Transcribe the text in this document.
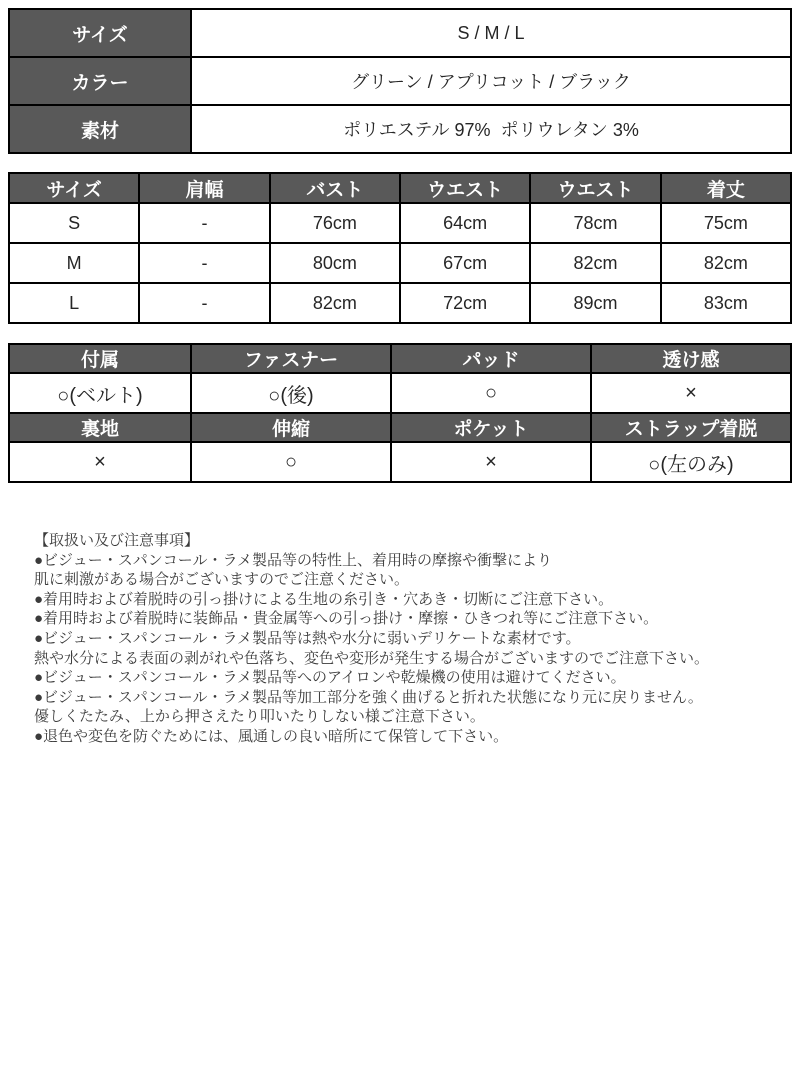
サイズ	S / M / L
カラー	グリーン / アプリコット / ブラック
素材	ポリエステル 97%  ポリウレタン 3%
サイズ	肩幅	バスト	ウエスト	ウエスト	着丈
S	-	76cm	64cm	78cm	75cm
M	-	80cm	67cm	82cm	82cm
L	-	82cm	72cm	89cm	83cm
付属	ファスナー	パッド	透け感
○(ベルト)	○(後)	○	×
裏地	伸縮	ポケット	ストラップ着脱
×	○	×	○(左のみ)
【取扱い及び注意事項】
●ビジュー・スパンコール・ラメ製品等の特性上、着用時の摩擦や衝撃により
肌に刺激がある場合がございますのでご注意ください。
●着用時および着脱時の引っ掛けによる生地の糸引き・穴あき・切断にご注意下さい。
●着用時および着脱時に装飾品・貴金属等への引っ掛け・摩擦・ひきつれ等にご注意下さい。
●ビジュー・スパンコール・ラメ製品等は熱や水分に弱いデリケートな素材です。
熱や水分による表面の剥がれや色落ち、変色や変形が発生する場合がございますのでご注意下さい。
●ビジュー・スパンコール・ラメ製品等へのアイロンや乾燥機の使用は避けてください。
●ビジュー・スパンコール・ラメ製品等加工部分を強く曲げると折れた状態になり元に戻りません。
優しくたたみ、上から押さえたり叩いたりしない様ご注意下さい。
●退色や変色を防ぐためには、風通しの良い暗所にて保管して下さい。
